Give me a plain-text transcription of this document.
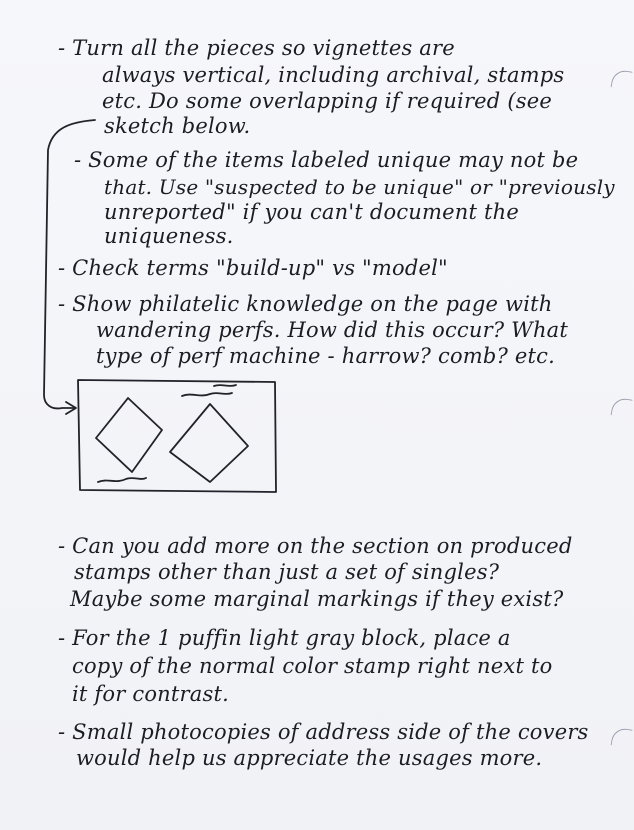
- Turn all the pieces so vignettes are
always vertical, including archival, stamps
etc. Do some overlapping if required (see
sketch below.
- Some of the items labeled unique may not be
that. Use "suspected to be unique" or "previously
unreported" if you can't document the
uniqueness.
- Check terms "build-up" vs "model"
- Show philatelic knowledge on the page with
wandering perfs. How did this occur? What
type of perf machine - harrow? comb? etc.
- Can you add more on the section on produced
stamps other than just a set of singles?
Maybe some marginal markings if they exist?
- For the 1 puffin light gray block, place a
copy of the normal color stamp right next to
it for contrast.
- Small photocopies of address side of the covers
would help us appreciate the usages more.
